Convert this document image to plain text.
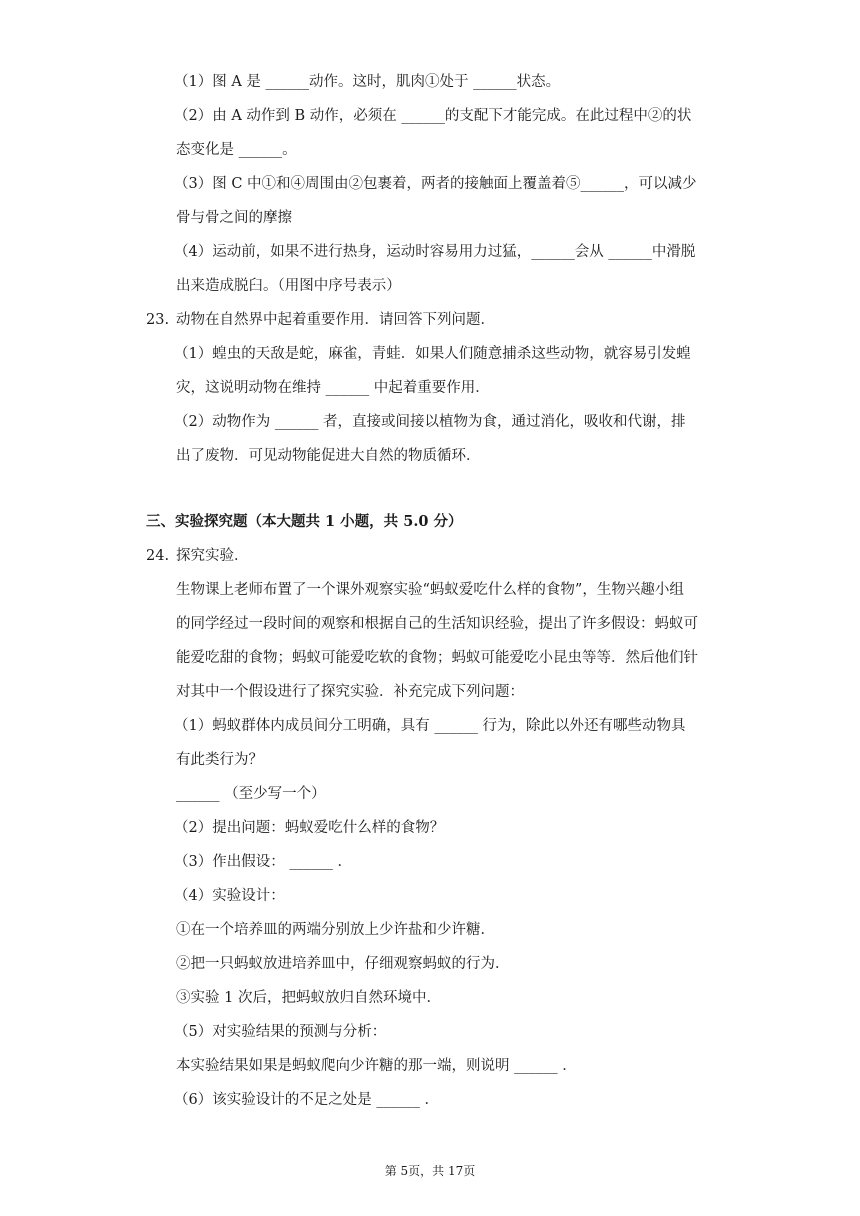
（1）图 A 是 ______动作。这时，肌肉①处于 ______状态。
（2）由 A 动作到 B 动作，必须在 ______的支配下才能完成。在此过程中②的状
态变化是 ______。
（3）图 C 中①和④周围由②包裹着，两者的接触面上覆盖着⑤______，可以减少
骨与骨之间的摩擦
（4）运动前，如果不进行热身，运动时容易用力过猛，______会从 ______中滑脱
出来造成脱臼。（用图中序号表示）
23. 动物在自然界中起着重要作用．请回答下列问题．
（1）蝗虫的天敌是蛇，麻雀，青蛙．如果人们随意捕杀这些动物，就容易引发蝗
灾，这说明动物在维持 ______ 中起着重要作用．
（2）动物作为 ______ 者，直接或间接以植物为食，通过消化，吸收和代谢，排
出了废物．可见动物能促进大自然的物质循环．
三、实验探究题（本大题共 1 小题，共 5.0 分）
24. 探究实验．
生物课上老师布置了一个课外观察实验“蚂蚁爱吃什么样的食物”，生物兴趣小组
的同学经过一段时间的观察和根据自己的生活知识经验，提出了许多假设：蚂蚁可
能爱吃甜的食物；蚂蚁可能爱吃软的食物；蚂蚁可能爱吃小昆虫等等．然后他们针
对其中一个假设进行了探究实验．补充完成下列问题：
（1）蚂蚁群体内成员间分工明确，具有 ______ 行为，除此以外还有哪些动物具
有此类行为？
______ （至少写一个）
（2）提出问题：蚂蚁爱吃什么样的食物？
（3）作出假设： ______ ．
（4）实验设计：
①在一个培养皿的两端分别放上少许盐和少许糖．
②把一只蚂蚁放进培养皿中，仔细观察蚂蚁的行为．
③实验 1 次后，把蚂蚁放归自然环境中．
（5）对实验结果的预测与分析：
本实验结果如果是蚂蚁爬向少许糖的那一端，则说明 ______ ．
（6）该实验设计的不足之处是 ______ ．
第 5页，共 17页
